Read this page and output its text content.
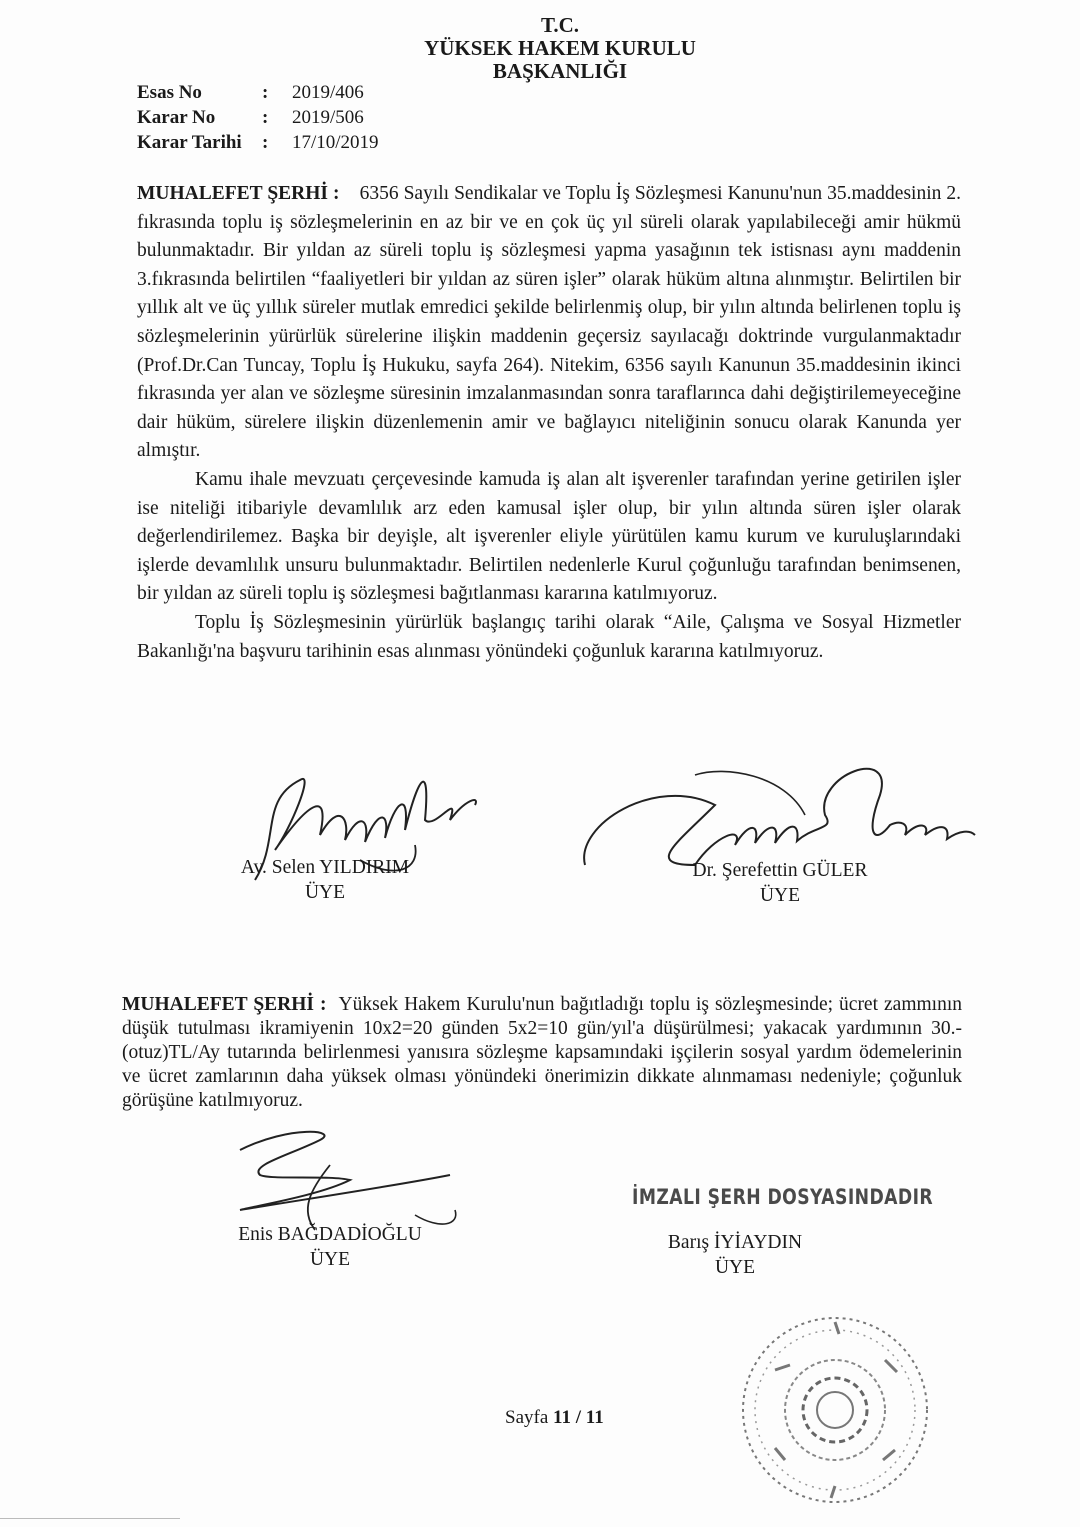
T.C.
YÜKSEK HAKEM KURULU
BAŞKANLIĞI
Esas No	:	2019/406
Karar No	:	2019/506
Karar Tarihi	:	17/10/2019

MUHALEFET ŞERHİ : 6356 Sayılı Sendikalar ve Toplu İş Sözleşmesi Kanunu'nun 35.maddesinin 2. fıkrasında toplu iş sözleşmelerinin en az bir ve en çok üç yıl süreli olarak yapılabileceği amir hükmü bulunmaktadır. Bir yıldan az süreli toplu iş sözleşmesi yapma yasağının tek istisnası aynı maddenin 3.fıkrasında belirtilen “faaliyetleri bir yıldan az süren işler” olarak hüküm altına alınmıştır. Belirtilen bir yıllık alt ve üç yıllık süreler mutlak emredici şekilde belirlenmiş olup, bir yılın altında belirlenen toplu iş sözleşmelerinin yürürlük sürelerine ilişkin maddenin geçersiz sayılacağı doktrinde vurgulanmaktadır (Prof.Dr.Can Tuncay, Toplu İş Hukuku, sayfa 264). Nitekim, 6356 sayılı Kanunun 35.maddesinin ikinci fıkrasında yer alan ve sözleşme süresinin imzalanmasından sonra taraflarınca dahi değiştirilemeyeceğine dair hüküm, sürelere ilişkin düzenlemenin amir ve bağlayıcı niteliğinin sonucu olarak Kanunda yer almıştır.

Kamu ihale mevzuatı çerçevesinde kamuda iş alan alt işverenler tarafından yerine getirilen işler ise niteliği itibariyle devamlılık arz eden kamusal işler olup, bir yılın altında süren işler olarak değerlendirilemez. Başka bir deyişle, alt işverenler eliyle yürütülen kamu kurum ve kuruluşlarındaki işlerde devamlılık unsuru bulunmaktadır. Belirtilen nedenlerle Kurul çoğunluğu tarafından benimsenen, bir yıldan az süreli toplu iş sözleşmesi bağıtlanması kararına katılmıyoruz.

Toplu İş Sözleşmesinin yürürlük başlangıç tarihi olarak “Aile, Çalışma ve Sosyal Hizmetler Bakanlığı'na başvuru tarihinin esas alınması yönündeki çoğunluk kararına katılmıyoruz.

Av. Selen YILDIRIM
ÜYE
Dr. Şerefettin GÜLER
ÜYE

MUHALEFET ŞERHİ : Yüksek Hakem Kurulu'nun bağıtladığı toplu iş sözleşmesinde; ücret zammının düşük tutulması ikramiyenin 10x2=20 günden 5x2=10 gün/yıl'a düşürülmesi; yakacak yardımının 30.-(otuz)TL/Ay tutarında belirlenmesi yanısıra sözleşme kapsamındaki işçilerin sosyal yardım ödemelerinin ve ücret zamlarının daha yüksek olması yönündeki önerimizin dikkate alınmaması nedeniyle; çoğunluk görüşüne katılmıyoruz.

Enis BAĞDADİOĞLU
ÜYE
İMZALI ŞERH DOSYASINDADIR
Barış İYİAYDIN
ÜYE
Sayfa 11 / 11
